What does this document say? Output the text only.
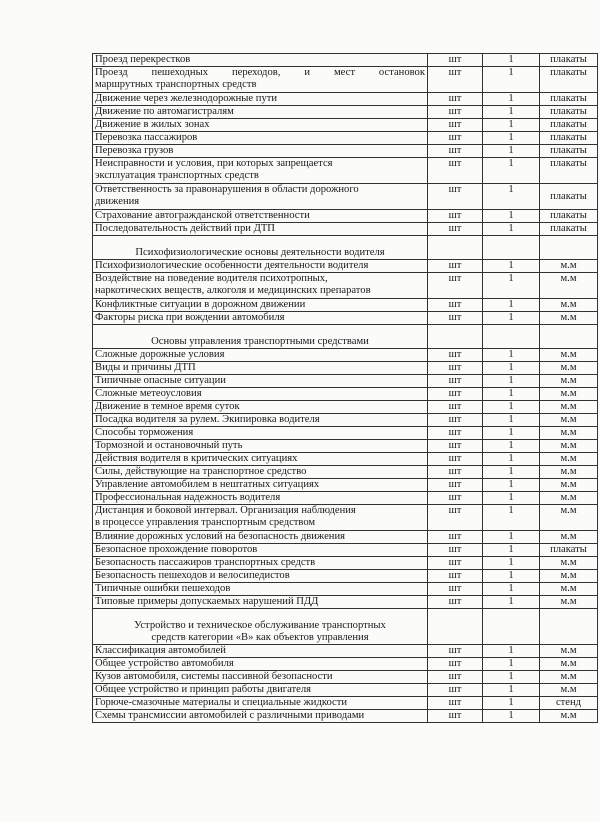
Проезд перекрестков	шт	1	плакаты

Проезд пешеходных переходов, и мест остановок
маршрутных транспортных средств	шт	1	плакаты

Движение через железнодорожные пути	шт	1	плакаты

Движение по автомагистралям	шт	1	плакаты

Движение в жилых зонах	шт	1	плакаты

Перевозка пассажиров	шт	1	плакаты

Перевозка грузов	шт	1	плакаты

Неисправности и условия, при которых запрещается
эксплуатация транспортных средств	шт	1	плакаты

Ответственность за правонарушения в области дорожного
движения	шт	1	плакаты

Страхование автогражданской ответственности	шт	1	плакаты

Последовательность действий при ДТП	шт	1	плакаты

Психофизиологические основы деятельности водителя			

Психофизиологические особенности деятельности водителя	шт	1	м.м

Воздействие на поведение водителя психотропных,
наркотических веществ, алкоголя и медицинских препаратов	шт	1	м.м

Конфликтные ситуации в дорожном движении	шт	1	м.м

Факторы риска при вождении автомобиля	шт	1	м.м

Основы управления транспортными средствами			

Сложные дорожные условия	шт	1	м.м

Виды и причины ДТП	шт	1	м.м

Типичные опасные ситуации	шт	1	м.м

Сложные метеоусловия	шт	1	м.м

Движение в темное время суток	шт	1	м.м

Посадка водителя за рулем. Экипировка водителя	шт	1	м.м

Способы торможения	шт	1	м.м

Тормозной и остановочный путь	шт	1	м.м

Действия водителя в критических ситуациях	шт	1	м.м

Силы, действующие на транспортное средство	шт	1	м.м

Управление автомобилем в нештатных ситуациях	шт	1	м.м

Профессиональная надежность водителя	шт	1	м.м

Дистанция и боковой интервал. Организация наблюдения
в процессе управления транспортным средством	шт	1	м.м

Влияние дорожных условий на безопасность движения	шт	1	м.м

Безопасное прохождение поворотов	шт	1	плакаты

Безопасность пассажиров транспортных средств	шт	1	м.м

Безопасность пешеходов и велосипедистов	шт	1	м.м

Типичные ошибки пешеходов	шт	1	м.м

Типовые примеры допускаемых нарушений ПДД	шт	1	м.м

Устройство и техническое обслуживание транспортных
средств категории «В» как объектов управления			

Классификация автомобилей	шт	1	м.м

Общее устройство автомобиля	шт	1	м.м

Кузов автомобиля, системы пассивной безопасности	шт	1	м.м

Общее устройство и принцип работы двигателя	шт	1	м.м

Горюче-смазочные материалы и специальные жидкости	шт	1	стенд

Схемы трансмиссии автомобилей с различными приводами	шт	1	м.м
